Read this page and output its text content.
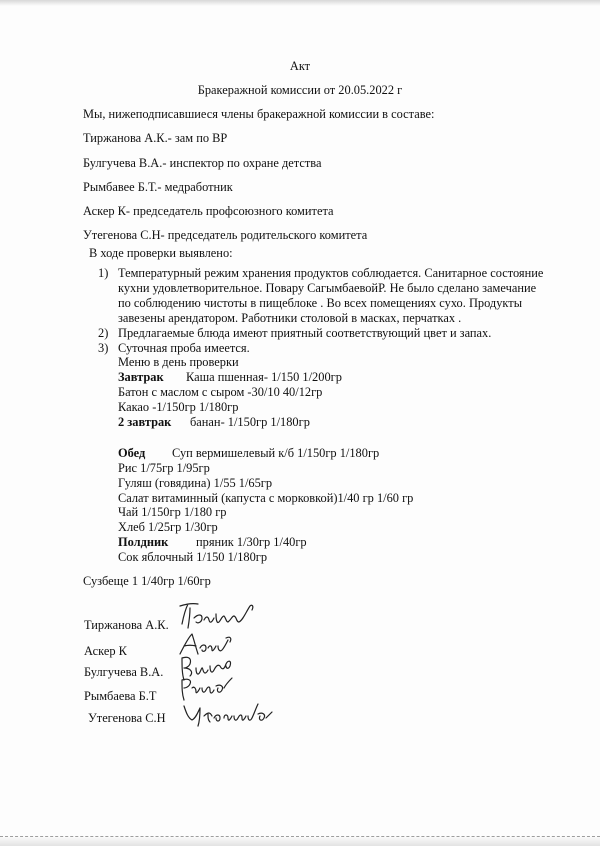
Акт
Бракеражной комиссии от 20.05.2022 г
Мы, нижеподписавшиеся члены бракеражной комиссии в составе:
Тиржанова А.К.- зам по ВР
Булгучева В.А.- инспектор по охране детства
Рымбавее Б.Т.- медработник
Аскер К- председатель профсоюзного комитета
Утегенова С.Н- председатель родительского комитета
В ходе проверки выявлено:
1) Температурный режим хранения продуктов соблюдается. Санитарное состояние
кухни удовлетворительное. Повару СагымбаевойР. Не было сделано замечание
по соблюдению чистоты в пищеблоке . Во всех помещениях сухо. Продукты
завезены арендатором. Работники столовой в масках, перчатках .
2) Предлагаемые блюда имеют приятный соответствующий цвет и запах.
3) Суточная проба имеется.
Меню в день проверки
Завтрак Каша пшенная- 1/150 1/200гр
Батон с маслом с сыром -30/10 40/12гр
Какао -1/150гр 1/180гр
2 завтрак банан- 1/150гр 1/180гр
Обед Суп вермишелевый к/б 1/150гр 1/180гр
Рис 1/75гр 1/95гр
Гуляш (говядина) 1/55 1/65гр
Салат витаминный (капуста с морковкой)1/40 гр 1/60 гр
Чай 1/150гр 1/180 гр
Хлеб 1/25гр 1/30гр
Полдник пряник 1/30гр 1/40гр
Сок яблочный 1/150 1/180гр
Сузбеще 1 1/40гр 1/60гр
Тиржанова А.К.
Аскер К
Булгучева В.А.
Рымбаева Б.Т
Утегенова С.Н
